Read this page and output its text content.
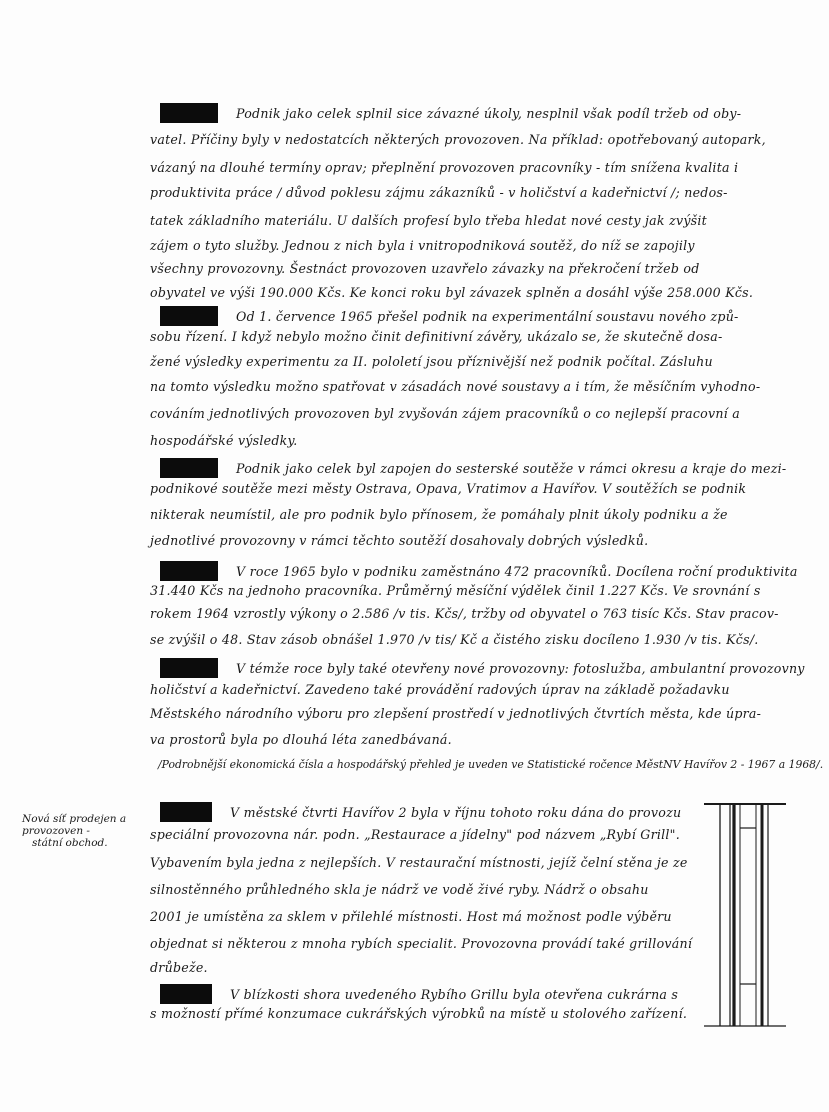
Podnik jako celek splnil sice závazné úkoly, nesplnil však podíl tržeb od oby-
vatel. Příčiny byly v nedostatcích některých provozoven. Na příklad: opotřebovaný autopark,
vázaný na dlouhé termíny oprav; přeplnění provozoven pracovníky - tím snížena kvalita i
produktivita práce / důvod poklesu zájmu zákazníků - v holičství a kadeřnictví /; nedos-
tatek základního materiálu. U dalších profesí bylo třeba hledat nové cesty jak zvýšit
zájem o tyto služby. Jednou z nich byla i vnitropodniková soutěž, do níž se zapojily
všechny provozovny. Šestnáct provozoven uzavřelo závazky na překročení tržeb od
obyvatel ve výši 190.000 Kčs. Ke konci roku byl závazek splněn a dosáhl výše 258.000 Kčs.
Od 1. července 1965 přešel podnik na experimentální soustavu nového způ-
sobu řízení. I když nebylo možno činit definitivní závěry, ukázalo se, že skutečně dosa-
žené výsledky experimentu za II. pololetí jsou příznivější než podnik počítal. Zásluhu
na tomto výsledku možno spatřovat v zásadách nové soustavy a i tím, že měsíčním vyhodno-
cováním jednotlivých provozoven byl zvyšován zájem pracovníků o co nejlepší pracovní a
hospodářské výsledky.
Podnik jako celek byl zapojen do sesterské soutěže v rámci okresu a kraje do mezi-
podnikové soutěže mezi městy Ostrava, Opava, Vratimov a Havířov. V soutěžích se podnik
nikterak neumístil, ale pro podnik bylo přínosem, že pomáhaly plnit úkoly podniku a že
jednotlivé provozovny v rámci těchto soutěží dosahovaly dobrých výsledků.
V roce 1965 bylo v podniku zaměstnáno 472 pracovníků. Docílena roční produktivita
31.440 Kčs na jednoho pracovníka. Průměrný měsíční výdělek činil 1.227 Kčs. Ve srovnání s
rokem 1964 vzrostly výkony o 2.586 /v tis. Kčs/, tržby od obyvatel o 763 tisíc Kčs. Stav pracov-
se zvýšil o 48. Stav zásob obnášel 1.970 /v tis/ Kč a čistého zisku docíleno 1.930 /v tis. Kčs/.
V témže roce byly také otevřeny nové provozovny: fotoslužba, ambulantní provozovny
holičství a kadeřnictví. Zavedeno také provádění radových úprav na základě požadavku
Městského národního výboru pro zlepšení prostředí v jednotlivých čtvrtích města, kde úpra-
va prostorů byla po dlouhá léta zanedbávaná.
/Podrobnější ekonomická čísla a hospodářský přehled je uveden ve Statistické ročence MěstNV Havířov 2 - 1967 a 1968/.
Nová síť prodejen a
provozoven -
státní obchod.
V městské čtvrti Havířov 2 byla v říjnu tohoto roku dána do provozu
speciální provozovna nár. podn. „Restaurace a jídelny" pod názvem „Rybí Grill".
Vybavením byla jedna z nejlepších. V restaurační místnosti, jejíž čelní stěna je ze
silnostěnného průhledného skla je nádrž ve vodě živé ryby. Nádrž o obsahu
2001 je umístěna za sklem v přilehlé místnosti. Host má možnost podle výběru
objednat si některou z mnoha rybích specialit. Provozovna provádí také grillování
drůbeže.
V blízkosti shora uvedeného Rybího Grillu byla otevřena cukrárna s
s možností přímé konzumace cukrářských výrobků na místě u stolového zařízení.
